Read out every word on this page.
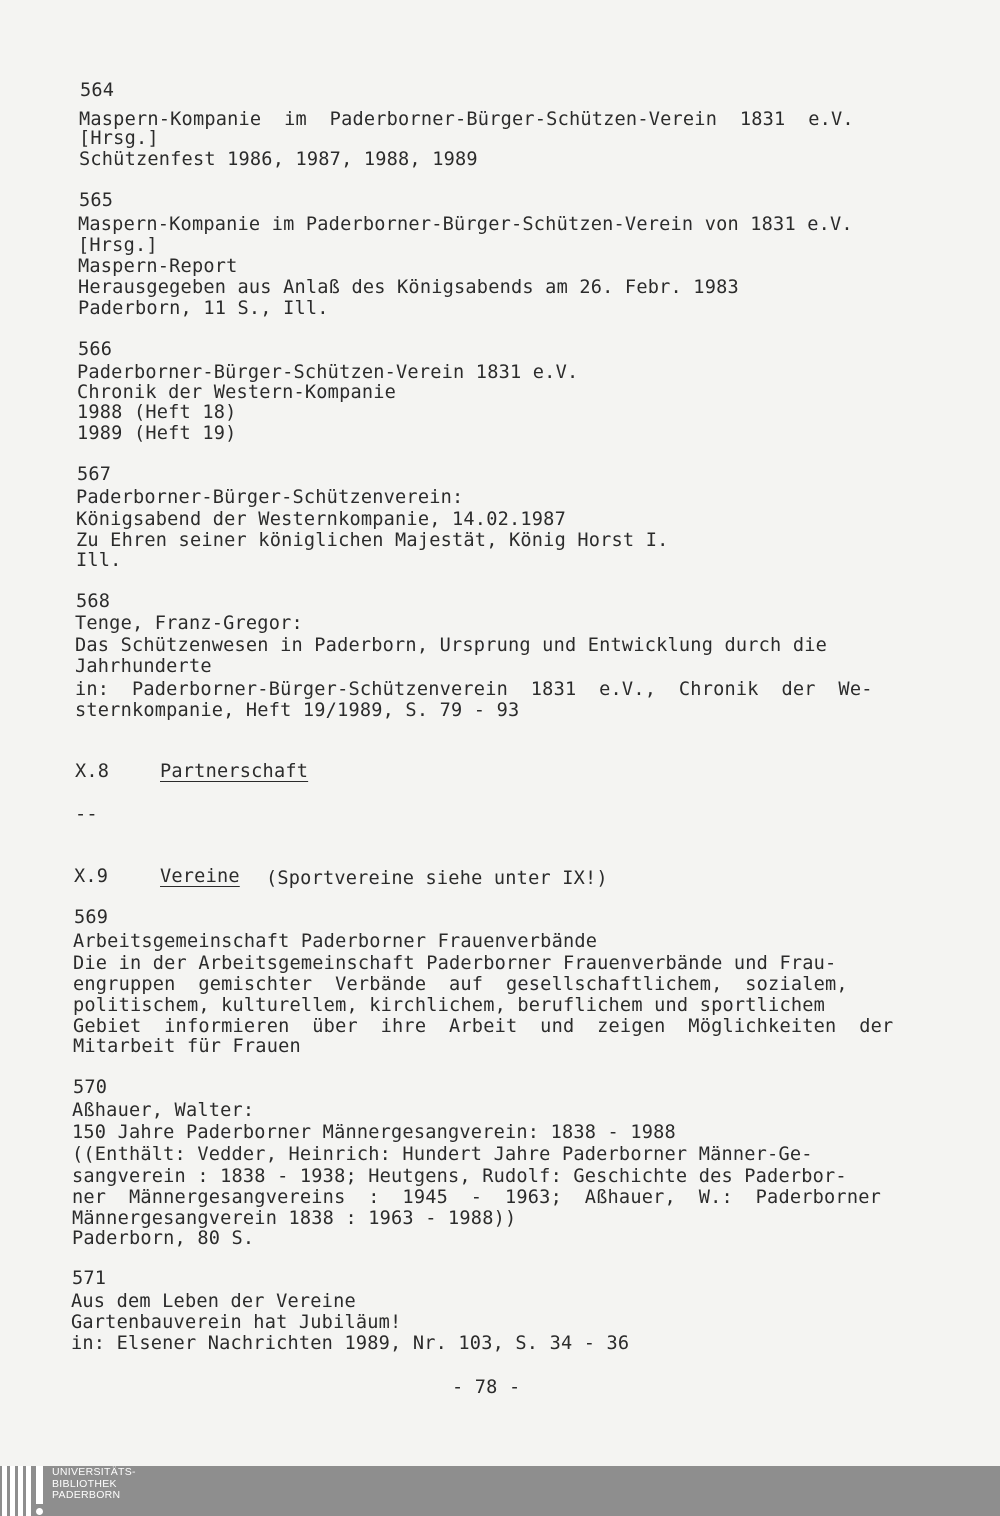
564
Maspern-Kompanie  im  Paderborner-Bürger-Schützen-Verein  1831  e.V.
[Hrsg.]
Schützenfest 1986, 1987, 1988, 1989
565
Maspern-Kompanie im Paderborner-Bürger-Schützen-Verein von 1831 e.V.
[Hrsg.]
Maspern-Report
Herausgegeben aus Anlaß des Königsabends am 26. Febr. 1983
Paderborn, 11 S., Ill.
566
Paderborner-Bürger-Schützen-Verein 1831 e.V.
Chronik der Western-Kompanie
1988 (Heft 18)
1989 (Heft 19)
567
Paderborner-Bürger-Schützenverein:
Königsabend der Westernkompanie, 14.02.1987
Zu Ehren seiner königlichen Majestät, König Horst I.
Ill.
568
Tenge, Franz-Gregor:
Das Schützenwesen in Paderborn, Ursprung und Entwicklung durch die
Jahrhunderte
in:  Paderborner-Bürger-Schützenverein  1831  e.V.,  Chronik  der  We-
sternkompanie, Heft 19/1989, S. 79 - 93
X.8	Partnerschaft
--
X.9	Vereine (Sportvereine siehe unter IX!)
569
Arbeitsgemeinschaft Paderborner Frauenverbände
Die in der Arbeitsgemeinschaft Paderborner Frauenverbände und Frau-
engruppen  gemischter  Verbände  auf  gesellschaftlichem,  sozialem,
politischem, kulturellem, kirchlichem, beruflichem und sportlichem
Gebiet  informieren  über  ihre  Arbeit  und  zeigen  Möglichkeiten  der
Mitarbeit für Frauen
570
Aßhauer, Walter:
150 Jahre Paderborner Männergesangverein: 1838 - 1988
((Enthält: Vedder, Heinrich: Hundert Jahre Paderborner Männer-Ge-
sangverein : 1838 - 1938; Heutgens, Rudolf: Geschichte des Paderbor-
ner  Männergesangvereins  :  1945  -  1963;  Aßhauer,  W.:  Paderborner
Männergesangverein 1838 : 1963 - 1988))
Paderborn, 80 S.
571
Aus dem Leben der Vereine
Gartenbauverein hat Jubiläum!
in: Elsener Nachrichten 1989, Nr. 103, S. 34 - 36
- 78 -
UNIVERSITÄTS-
BIBLIOTHEK
PADERBORN
